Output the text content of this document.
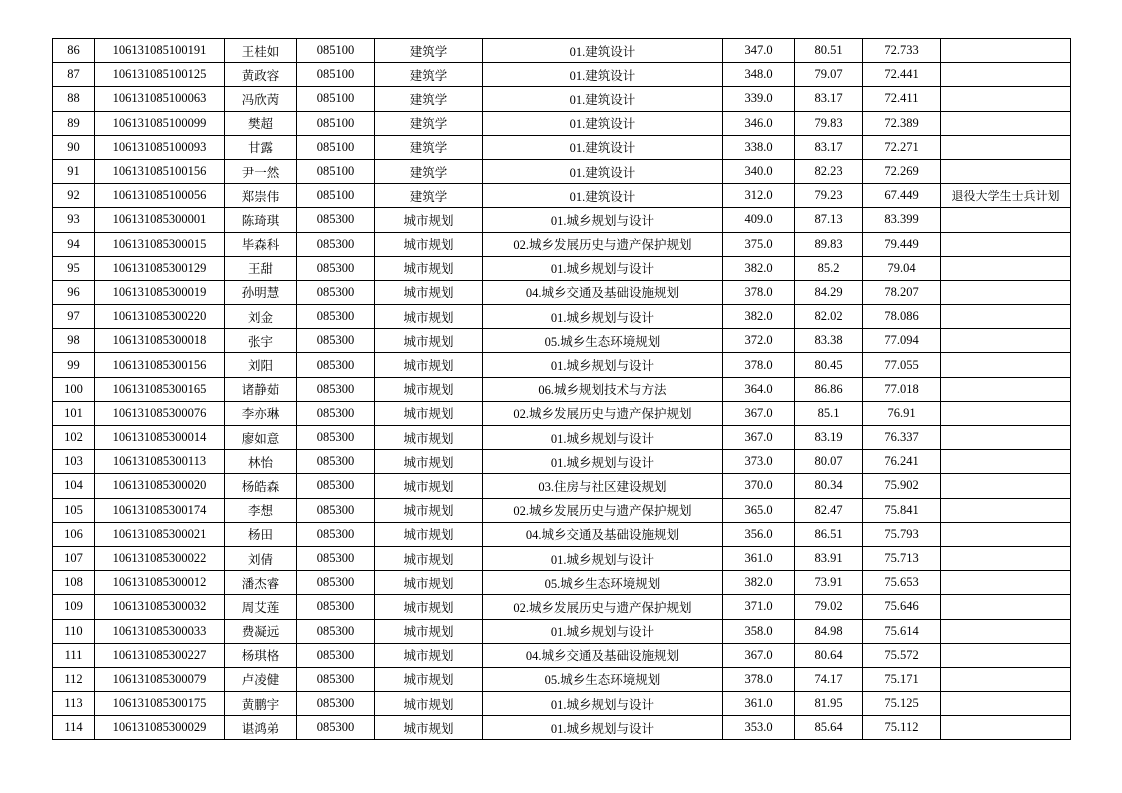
86	106131085100191	王桂如	085100	建筑学	01.建筑设计	347.0	80.51	72.733	
87	106131085100125	黄政容	085100	建筑学	01.建筑设计	348.0	79.07	72.441	
88	106131085100063	冯欣苪	085100	建筑学	01.建筑设计	339.0	83.17	72.411	
89	106131085100099	樊超	085100	建筑学	01.建筑设计	346.0	79.83	72.389	
90	106131085100093	甘露	085100	建筑学	01.建筑设计	338.0	83.17	72.271	
91	106131085100156	尹一然	085100	建筑学	01.建筑设计	340.0	82.23	72.269	
92	106131085100056	郑崇伟	085100	建筑学	01.建筑设计	312.0	79.23	67.449	退役大学生士兵计划
93	106131085300001	陈琦琪	085300	城市规划	01.城乡规划与设计	409.0	87.13	83.399	
94	106131085300015	毕森科	085300	城市规划	02.城乡发展历史与遗产保护规划	375.0	89.83	79.449	
95	106131085300129	王甜	085300	城市规划	01.城乡规划与设计	382.0	85.2	79.04	
96	106131085300019	孙明慧	085300	城市规划	04.城乡交通及基础设施规划	378.0	84.29	78.207	
97	106131085300220	刘金	085300	城市规划	01.城乡规划与设计	382.0	82.02	78.086	
98	106131085300018	张宇	085300	城市规划	05.城乡生态环境规划	372.0	83.38	77.094	
99	106131085300156	刘阳	085300	城市规划	01.城乡规划与设计	378.0	80.45	77.055	
100	106131085300165	诸静茹	085300	城市规划	06.城乡规划技术与方法	364.0	86.86	77.018	
101	106131085300076	李亦琳	085300	城市规划	02.城乡发展历史与遗产保护规划	367.0	85.1	76.91	
102	106131085300014	廖如意	085300	城市规划	01.城乡规划与设计	367.0	83.19	76.337	
103	106131085300113	林怡	085300	城市规划	01.城乡规划与设计	373.0	80.07	76.241	
104	106131085300020	杨皓森	085300	城市规划	03.住房与社区建设规划	370.0	80.34	75.902	
105	106131085300174	李想	085300	城市规划	02.城乡发展历史与遗产保护规划	365.0	82.47	75.841	
106	106131085300021	杨田	085300	城市规划	04.城乡交通及基础设施规划	356.0	86.51	75.793	
107	106131085300022	刘倩	085300	城市规划	01.城乡规划与设计	361.0	83.91	75.713	
108	106131085300012	潘杰睿	085300	城市规划	05.城乡生态环境规划	382.0	73.91	75.653	
109	106131085300032	周艾莲	085300	城市规划	02.城乡发展历史与遗产保护规划	371.0	79.02	75.646	
110	106131085300033	费凝远	085300	城市规划	01.城乡规划与设计	358.0	84.98	75.614	
111	106131085300227	杨琪格	085300	城市规划	04.城乡交通及基础设施规划	367.0	80.64	75.572	
112	106131085300079	卢凌健	085300	城市规划	05.城乡生态环境规划	378.0	74.17	75.171	
113	106131085300175	黄鹏宇	085300	城市规划	01.城乡规划与设计	361.0	81.95	75.125	
114	106131085300029	谌鸿弟	085300	城市规划	01.城乡规划与设计	353.0	85.64	75.112	
